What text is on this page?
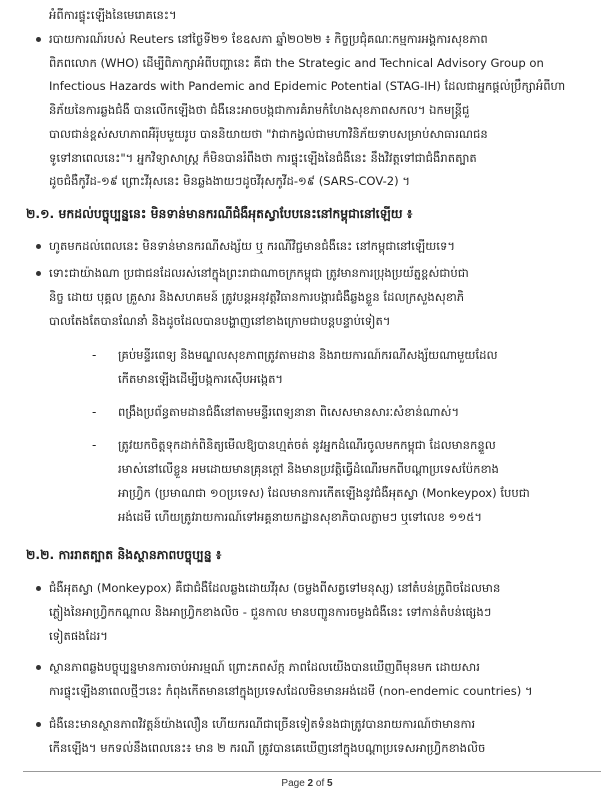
អំពីការផ្ទុះឡើងនៃមេរោគនេះ។
របាយការណ៍របស់ Reuters នៅថ្ងៃទី២១ ខែឧសភា ឆ្នាំ២០២២ ៖ កិច្ចប្រជុំគណៈកម្មការអង្គការសុខភាព
ពិភពលោក (WHO) ដើម្បីពិភាក្សាអំពីបញ្ហានេះ គឺជា the Strategic and Technical Advisory Group on
Infectious Hazards with Pandemic and Epidemic Potential (STAG-IH) ដែលជាអ្នកផ្តល់ប្រឹក្សាអំពីហា
និភ័យនៃការឆ្លងជំងឺ បានលើកឡើងថា ជំងឺនេះអាចបង្កជាការគំរាមកំហែងសុខភាពសកល។ ឯកមន្ត្រីជួ
បាលជាន់ខ្ពស់សហភាពអឺរ៉ុបមួយរូប បាននិយាយថា "វាជាកង្វល់ជាមហាវិនិភ័យទាបសម្រាប់សាធារណជន
ទូទៅនាពេលនេះ"។ អ្នកវិទ្យាសាស្ត្រ ក៏មិនបានរំពឹងថា ការផ្ទុះឡើងនៃជំងឺនេះ នឹងវិវត្តទៅជាជំងឺរាតត្បាត
ដូចជំងឺកូវីដ-១៩ ព្រោះវីរុសនេះ មិនឆ្លងងាយៗដូចវីរុសកូវីដ-១៩ (SARS-COV-2) ។
២.១. មកដល់បច្ចុប្បន្ននេះ មិនទាន់មានករណីជំងឺអុតស្វាបែបនេះនៅកម្ពុជានៅឡើយ ៖
ហូតមកដល់ពេលនេះ មិនទាន់មានករណីសង្ស័យ ឬ ករណីវិជ្ជមានជំងឺនេះ នៅកម្ពុជានៅឡើយទេ។
ទោះជាយ៉ាងណា ប្រជាជនដែលរស់នៅក្នុងព្រះរាជាណាចក្រកម្ពុជា ត្រូវមានការប្រុងប្រយ័ត្នខ្ពស់ជាប់ជា
និច្ច ដោយ បុគ្គល គ្រួសារ និងសហគមន៍ ត្រូវបន្តអនុវត្តវិធានការបង្ការជំងឺឆ្លងខ្លួន ដែលក្រសួងសុខាភិ
បាលតែងតែបានណែនាំ និងដូចដែលបានបង្ហាញនៅខាងក្រោមជាបន្តបន្ទាប់ទៀត។
- គ្រប់មន្ទីរពេទ្យ និងមណ្ឌលសុខភាពត្រូវតាមដាន និងរាយការណ៍ករណីសង្ស័យណាមួយដែល
កើតមានឡើងដើម្បីបង្កការស៊ើបអង្កេត។
- ពង្រឹងប្រព័ន្ធតាមដានជំងឺនៅតាមមន្ទីរពេទ្យនានា ពិសេសមានសារៈសំខាន់ណាស់។
- ត្រូវយកចិត្តទុកដាក់ពិនិត្យមើលឱ្យបានហ្មត់ចត់ នូវអ្នកដំណើរចូលមកកម្ពុជា ដែលមានកន្ទួល
រមាស់នៅលើខ្លួន អមដោយមានគ្រុនក្តៅ និងមានប្រវត្តិធ្វើដំណើរមកពីបណ្តាប្រទេសប៉ែកខាង
អាហ្វ្រិក (ប្រមាណជា ១០ប្រទេស) ដែលមានការកើតឡើងនូវជំងឺអុតស្វា (Monkeypox) បែបជា
អង់ដេមី ហើយត្រូវរាយការណ៍ទៅអគ្គនាយកដ្ឋានសុខាភិបាលភ្លាមៗ ឬទៅលេខ ១១៥។
២.២. ការរាតត្បាត និងស្ថានភាពបច្ចុប្បន្ន ៖
ជំងឺអុតស្វា (Monkeypox) គឺជាជំងឺដែលឆ្លងដោយវីរុស (ចម្លងពីសត្វទៅមនុស្ស) នៅតំបន់ត្រូពិចដែលមាន
ភ្លៀងនៃអាហ្វ្រិកកណ្តាល និងអាហ្វ្រិកខាងលិច - ជួនកាល មានបញ្ជូនការចម្លងជំងឺនេះ ទៅកាន់តំបន់ផ្សេងៗ
ទៀតផងដែរ។
ស្ថានភាពឆ្លងបច្ចុប្បន្នមានការចាប់អារម្មណ៍ ព្រោះភពស័ក្ក ភាពដែលយើងបានឃើញពីមុនមក ដោយសារ
ការផ្ទុះឡើងនាពេលថ្មីៗនេះ កំពុងកើតមាននៅក្នុងប្រទេសដែលមិនមានអង់ដេមី (non-endemic countries) ។
ជំងឺនេះមានស្ថានភាពវិវត្តន៍យ៉ាងលឿន ហើយករណីជាច្រើនទៀតទំនងជាត្រូវបានរាយការណ៍ថាមានការ
កើនឡើង។ មកទល់នឹងពេលនេះ៖ មាន ២ ករណី ត្រូវបានគេឃើញនៅក្នុងបណ្តាប្រទេសអាហ្វ្រិកខាងលិច
Page 2 of 5
